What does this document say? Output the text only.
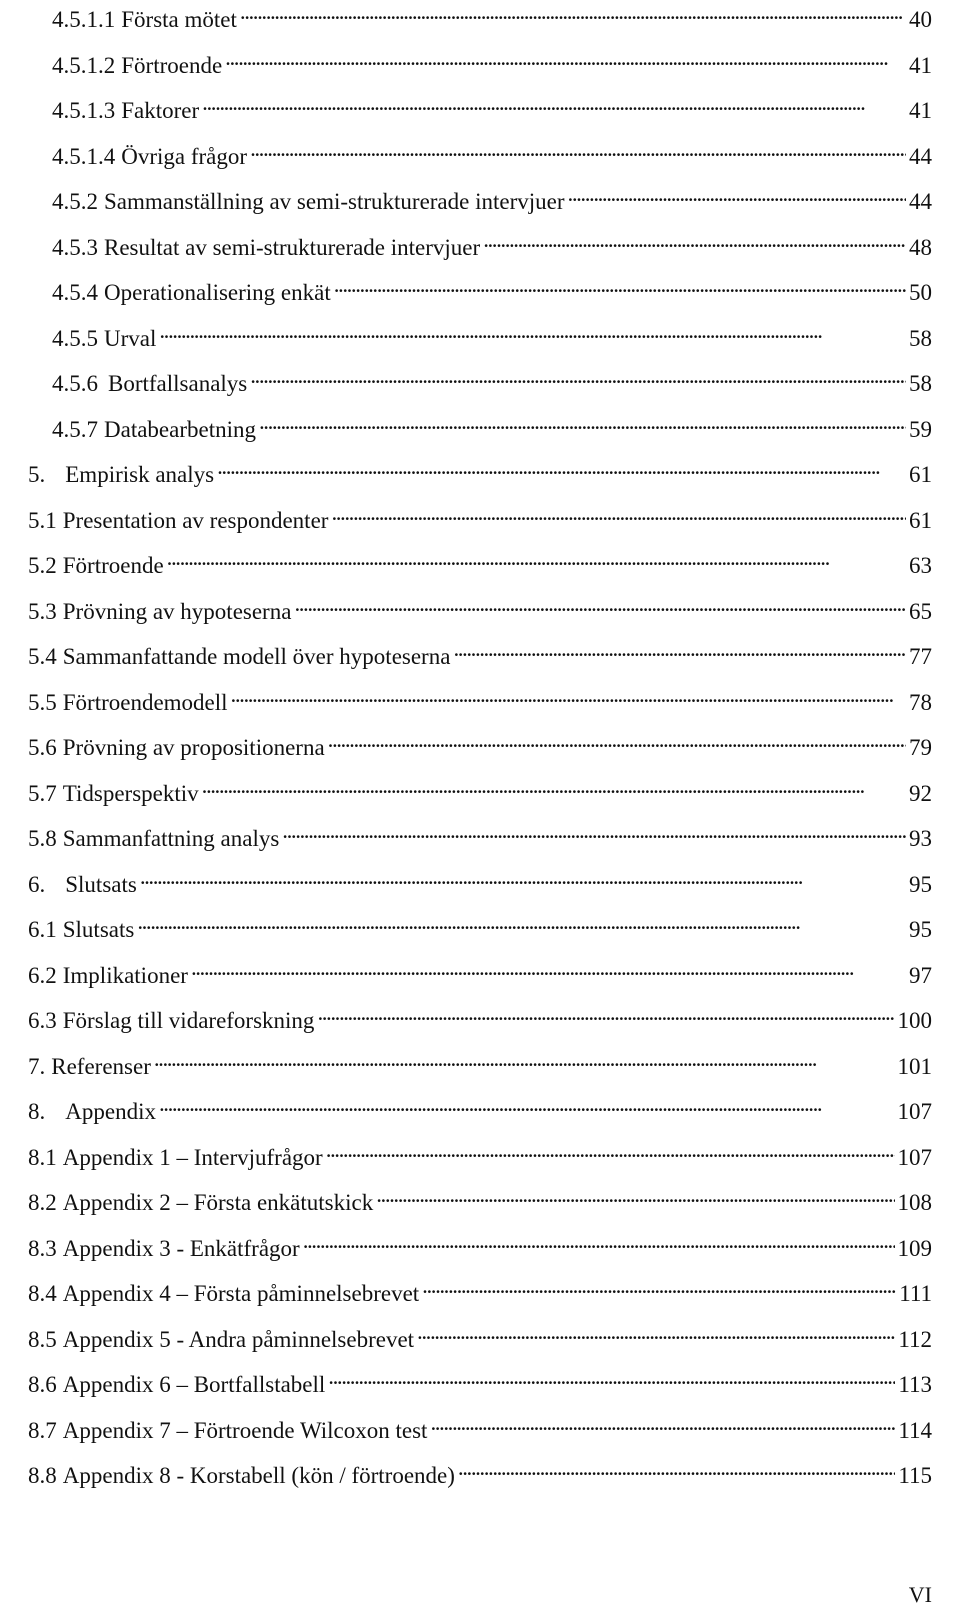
4.5.1.1 Första mötet . . .	40
4.5.1.2 Förtroende . . .	41
4.5.1.3 Faktorer . . .	41
4.5.1.4 Övriga frågor . . .	44
4.5.2 Sammanställning av semi-strukturerade intervjuer . . .	44
4.5.3 Resultat av semi-strukturerade intervjuer . . .	48
4.5.4 Operationalisering enkät . . .	50
4.5.5 Urval . . .	58
4.5.6 Bortfallsanalys . . .	58
4.5.7 Databearbetning . . .	59
5. Empirisk analys . . .	61
5.1 Presentation av respondenter . . .	61
5.2 Förtroende . . .	63
5.3 Prövning av hypoteserna . . .	65
5.4 Sammanfattande modell över hypoteserna . . .	77
5.5 Förtroendemodell . . .	78
5.6 Prövning av propositionerna . . .	79
5.7 Tidsperspektiv . . .	92
5.8 Sammanfattning analys . . .	93
6. Slutsats . . .	95
6.1 Slutsats . . .	95
6.2 Implikationer . . .	97
6.3 Förslag till vidareforskning . . .	100
7. Referenser . . .	101
8. Appendix . . .	107
8.1 Appendix 1 – Intervjufrågor . . .	107
8.2 Appendix 2 – Första enkätutskick . . .	108
8.3 Appendix 3 - Enkätfrågor . . .	109
8.4 Appendix 4 – Första påminnelsebrevet . . .	111
8.5 Appendix 5 - Andra påminnelsebrevet . . .	112
8.6 Appendix 6 – Bortfallstabell . . .	113
8.7 Appendix 7 – Förtroende Wilcoxon test . . .	114
8.8 Appendix 8 - Korstabell (kön / förtroende) . . .	115
VI
